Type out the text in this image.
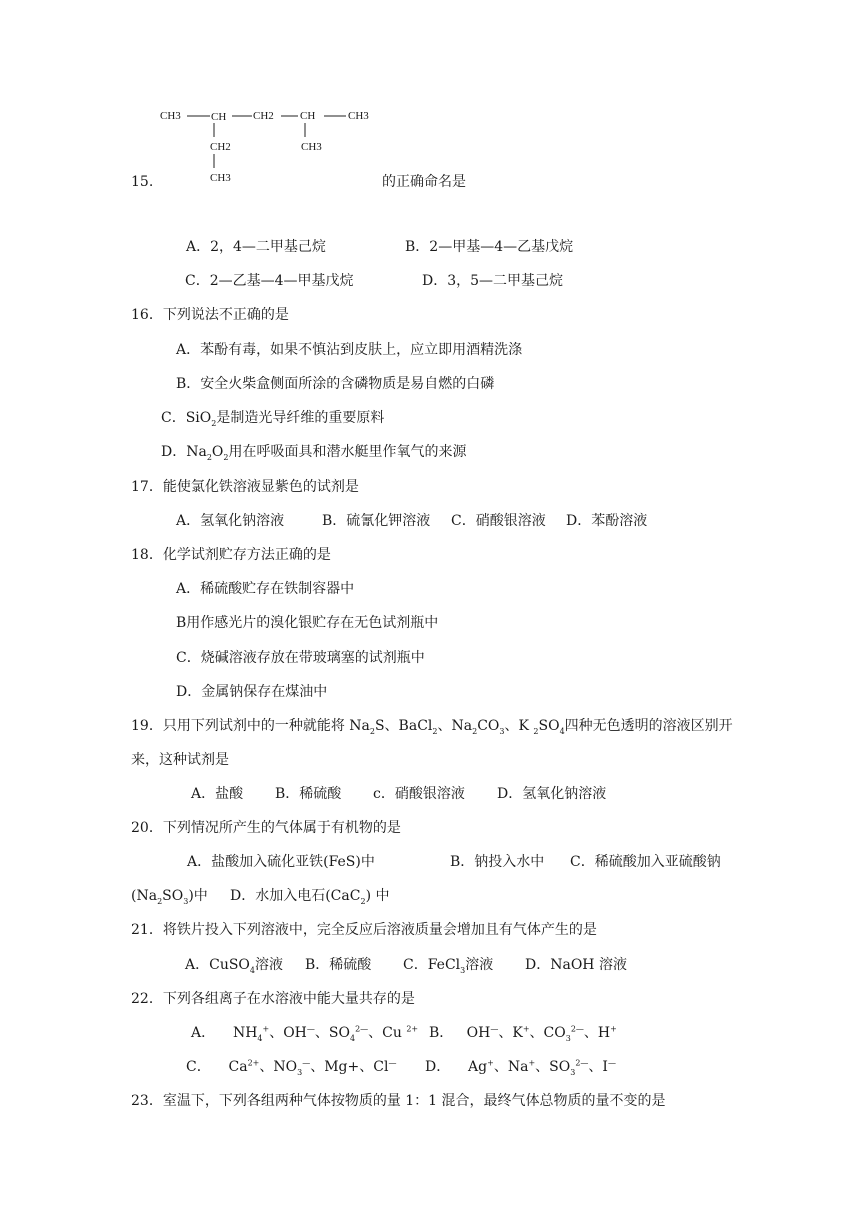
CH3	CH CH2 CH	CH3
CH2
CH3
CH3
15.	的正确命名是
A．2，4—二甲基己烷	B．2—甲基—4—乙基戊烷
C．2—乙基—4—甲基戊烷	D．3，5—二甲基己烷
16．下列说法不正确的是
A．苯酚有毒，如果不慎沾到皮肤上，应立即用酒精洗涤
B．安全火柴盒侧面所涂的含磷物质是易自燃的白磷
C．SiO$_2$是制造光导纤维的重要原料
D．$Na_2O_2$用在呼吸面具和潜水艇里作氧气的来源
17．能使氯化铁溶液显紫色的试剂是
A．氢氧化钠溶液	B．硫氰化钾溶液 C．硝酸银溶液 D．苯酚溶液
18．化学试剂贮存方法正确的是
A．稀硫酸贮存在铁制容器中
B用作感光片的溴化银贮存在无色试剂瓶中
C．烧碱溶液存放在带玻璃塞的试剂瓶中
D．金属钠保存在煤油中
19．只用下列试剂中的一种就能将 $Na_2S$、BaCl$_2$、$Na_2CO_3$、K $_2SO_4$四种无色透明的溶液区别开
来，这种试剂是
A．盐酸 B．稀硫酸 c．硝酸银溶液 D．氢氧化钠溶液
20．下列情况所产生的气体属于有机物的是
A．盐酸加入硫化亚铁(FeS)中	B．钠投入水中 C．稀硫酸加入亚硫酸钠
$(Na_2SO_3)$中 D．水加入电石(CaC$_2$) 中
21．将铁片投入下列溶液中，完全反应后溶液质量会增加且有气体产生的是
A．CuSO$_4$溶液 B．稀硫酸 C．FeCl$_3$溶液 D．NaOH 溶液
22．下列各组离子在水溶液中能大量共存的是
A． $NH_4^+$、OH—、$SO_4^{2—}$、Cu $^{2+}$ B． OH—、K+、$CO_3^{2—}$、H+
C． $Ca^{2+}$、$NO_3^—$、Mg+、Cl— D． Ag+、Na+、$SO_3^{2—}$、I—
23．室温下，下列各组两种气体按物质的量 1：1 混合，最终气体总物质的量不变的是
